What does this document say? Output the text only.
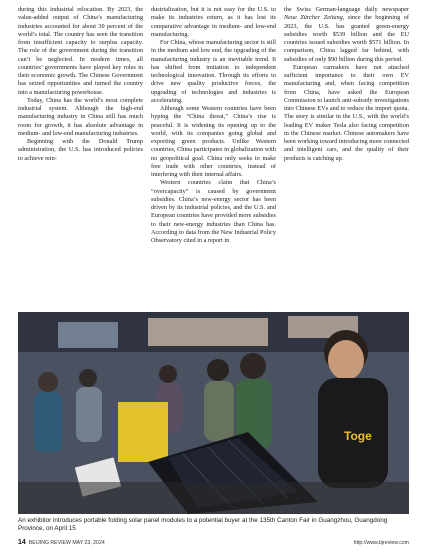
during this industrial relocation. By 2023, the value-added output of China’s manufacturing industries accounted for about 30 percent of the world’s total. The country has seen the transition from insufficient capacity to surplus capacity. The role of the government during the transition can’t be neglected. In modern times, all countries’ governments have played key roles in their economic growth. The Chinese Government has seized opportunities and turned the country into a manufacturing powerhouse.

Today, China has the world’s most complete industrial system. Although the high-end manufacturing industry in China still has much room for growth, it has absolute advantage in medium- and low-end manufacturing industries.

Beginning with the Donald Trump administration, the U.S. has introduced policies to achieve rein-

dustrialization, but it is not easy for the U.S. to make its industries return, as it has lost its comparative advantage in medium- and low-end manufacturing.

For China, whose manufacturing sector is still in the medium and low end, the upgrading of the manufacturing industry is an inevitable trend. It has shifted from imitation to independent technological innovation. Through its efforts to drive new quality productive forces, the upgrading of technologies and industries is accelerating.

Although some Western countries have been hyping the “China threat,” China’s rise is peaceful. It is widening its opening up to the world, with its companies going global and exporting green products. Unlike Western countries, China participates in globalization with no geopolitical goal. China only seeks to make free trade with other countries, instead of interfering with their internal affairs.

Western countries claim that China’s “overcapacity” is caused by government subsidies. China’s new-energy sector has been driven by its industrial policies, and the U.S. and European countries have provided more subsidies to their new-energy industries than China has. According to data from the New Industrial Policy Observatory cited in a report in

the Swiss German-language daily newspaper Neue Zürcher Zeitung, since the beginning of 2023, the U.S. has granted green-energy subsidies worth $539 billion and the EU countries issued subsidies worth $571 billion. In comparison, China lagged far behind, with subsidies of only $90 billion during this period.

European carmakers have not attached sufficient importance to their own EV manufacturing and, when facing competition from China, have asked the European Commission to launch anti-subsidy investigations into Chinese EVs and to reduce the import quota. The story is similar in the U.S., with the world’s leading EV maker Tesla also facing competition in the Chinese market. Chinese automakers have been working toward introducing more connected and intelligent cars, and the quality of their products is catching up.

Toge

An exhibitor introduces portable folding solar panel modules to a potential buyer at the 135th Canton Fair in Guangzhou, Guangdong Province, on April 15

14 BEIJING REVIEW MAY 23, 2024	http://www.bjreview.com
